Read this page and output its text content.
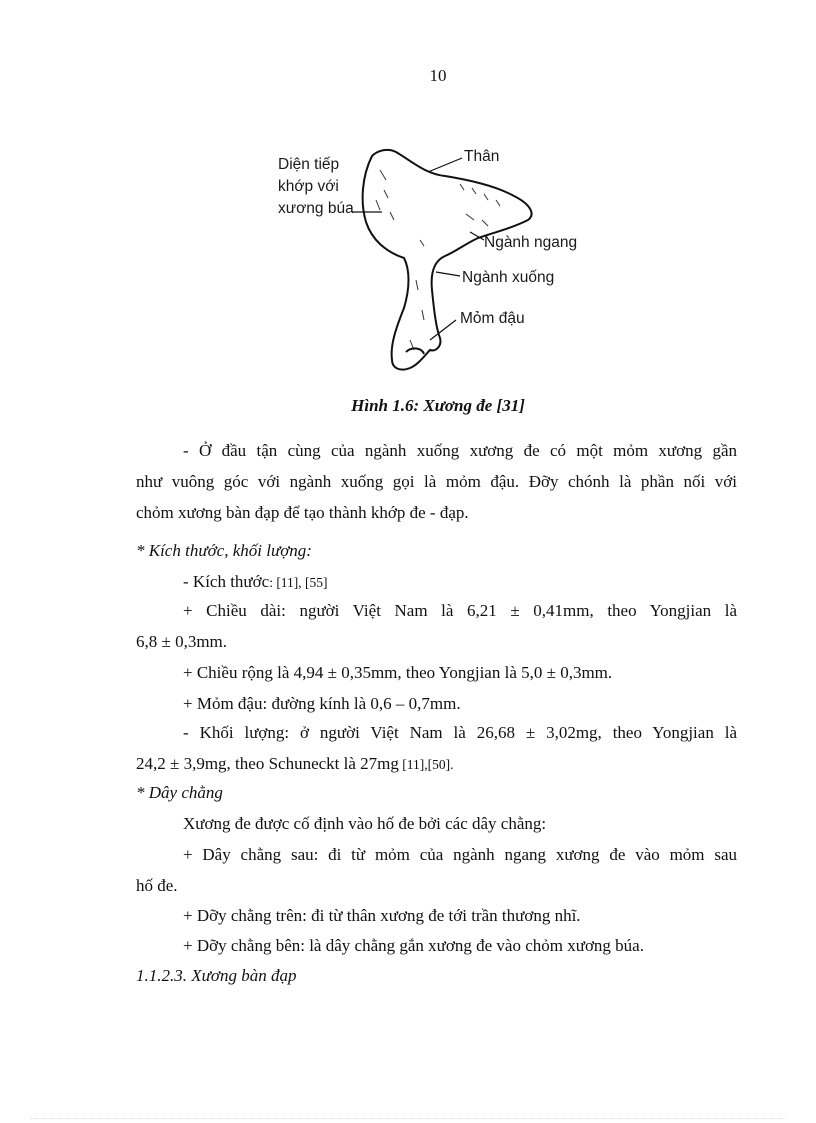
10
Diện tiếp
khớp với
xương búa
Thân
Ngành ngang
Ngành xuống
Mỏm đậu
Hình 1.6: Xương đe [31]
- Ở đầu tận cùng của ngành xuống xương đe có một mỏm xương gần
như vuông góc với ngành xuống gọi là mỏm đậu. Đỡy chónh là phần nối với
chỏm xương bàn đạp để tạo thành khớp đe - đạp.
* Kích thước, khối lượng:
- Kích thước: [11], [55]
+ Chiều dài: người Việt Nam là 6,21 ± 0,41mm, theo Yongjian là
6,8 ± 0,3mm.
+ Chiều rộng là 4,94 ± 0,35mm, theo Yongjian là 5,0 ± 0,3mm.
+ Mỏm đậu: đường kính là 0,6 – 0,7mm.
- Khối lượng: ở người Việt Nam là 26,68 ± 3,02mg, theo Yongjian là
24,2 ± 3,9mg, theo Schuneckt là 27mg [11],[50].
* Dây chằng
Xương đe được cố định vào hố đe bởi các dây chằng:
+ Dây chằng sau: đi từ mỏm của ngành ngang xương đe vào mỏm sau
hố đe.
+ Dỡy chằng trên: đi từ thân xương đe tới trần thương nhĩ.
+ Dỡy chằng bên: là dây chằng gắn xương đe vào chỏm xương búa.
1.1.2.3. Xương bàn đạp
